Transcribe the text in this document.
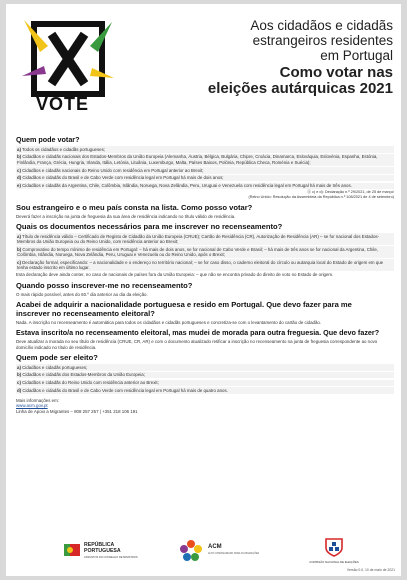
VOTE
Aos cidadãos e cidadãs
estrangeiros residentes
em Portugal
Como votar nas
eleições autárquicas 2021
Quem pode votar?

a) Todos os cidadãos e cidadãs portugueses;

b) Cidadãos e cidadãs nacionais dos Estados-Membros da União Europeia (Alemanha, Áustria, Bélgica, Bulgária, Chipre, Croácia, Dinamarca, Eslováquia, Eslovénia, Espanha, Estónia, Finlândia, França, Grécia, Hungria, Irlanda, Itália, Letónia, Lituânia, Luxemburgo, Malta, Países Baixos, Polónia, República Checa, Roménia e Suécia);

c) Cidadãos e cidadãs nacionais do Reino Unido com residência em Portugal anterior ao Brexit;

d) Cidadãos e cidadãs do Brasil e de Cabo Verde com residência legal em Portugal há mais de dois anos;

e) Cidadãos e cidadãs da Argentina, Chile, Colômbia, Islândia, Noruega, Nova Zelândia, Peru, Uruguai e Venezuela com residência legal em Portugal há mais de três anos.

Ⓐ c) e d): Declaração n.º 29/2021, de 25 de março/
(Reino Unido: Resolução da Assembleia da República n.º 108/2021 de 4 de setembro)
Sou estrangeiro e o meu país consta na lista. Como posso votar?

Deverá fazer a inscrição na junta de freguesia da sua área de residência indicando no título válido de residência.

Quais os documentos necessários para me inscrever no recenseamento?

a) Título de residência válido – Certificado de Registo de Cidadão da União Europeia (CRUE); Cartão de Residência (CR), Autorização de Residência (AR) – se for nacional dos Estados-Membros da União Europeia ou do Reino Unido, com residência anterior ao Brexit;

b) Comprovativo do tempo mínimo de residência em Portugal: – há mais de dois anos, se for nacional de Cabo Verde e Brasil; – há mais de três anos se for nacional da Argentina, Chile, Colômbia, Islândia, Noruega, Nova Zelândia, Peru, Uruguai e Venezuela ou do Reino Unido, após o Brexit;

c) Declaração formal, especificando: – a nacionalidade e o endereço no território nacional; – se for caso disso, o caderno eleitoral do círculo ou autarquia local do Estado de origem em que tenha estado inscrito em último lugar.

Esta declaração deve ainda conter, no caso de nacionais de países fora da União Europeia: – que não se encontra privado do direito de voto no Estado de origem.

Quando posso inscrever-me no recenseamento?

O mais rápido possível, antes do 60.º dia anterior ao dia da eleição.

Acabei de adquirir a nacionalidade portuguesa e resido em Portugal. Que devo fazer para me
inscrever no recenseamento eleitoral?

Nada. A inscrição no recenseamento é automática para todos os cidadãos e cidadãs portugueses e concretiza-se com o levantamento do cartão de cidadão.

Estava inscrito/a no recenseamento eleitoral, mas mudei de morada para outra freguesia. Que devo fazer?

Deve atualizar a morada no seu título de residência (CRUE, CR, AR) e com o documento atualizado retificar a inscrição no recenseamento na junta de freguesia correspondente ao novo domicílio indicado no título de residência.

Quem pode ser eleito?

a) Cidadãos e cidadãs portugueses;

b) Cidadãos e cidadãs dos Estados-Membros da União Europeia;

c) Cidadãos e cidadãs do Reino Unido com residência anterior ao Brexit;

d) Cidadãos e cidadãs do Brasil e de Cabo Verde com residência legal em Portugal há mais de quatro anos.

Mais informações em:

www.acm.gov.pt

Linha de Apoio a Migrantes – 808 257 257 | +351 218 106 191

REPÚBLICA PORTUGUESA
ASSUNTOS DO CONSELHO DE MINISTROS
ACM
ALTO COMISSARIADO PARA AS MIGRAÇÕES
COMISSÃO NACIONAL DE ELEIÇÕES
Versão 0.0, 10 de maio de 2021
